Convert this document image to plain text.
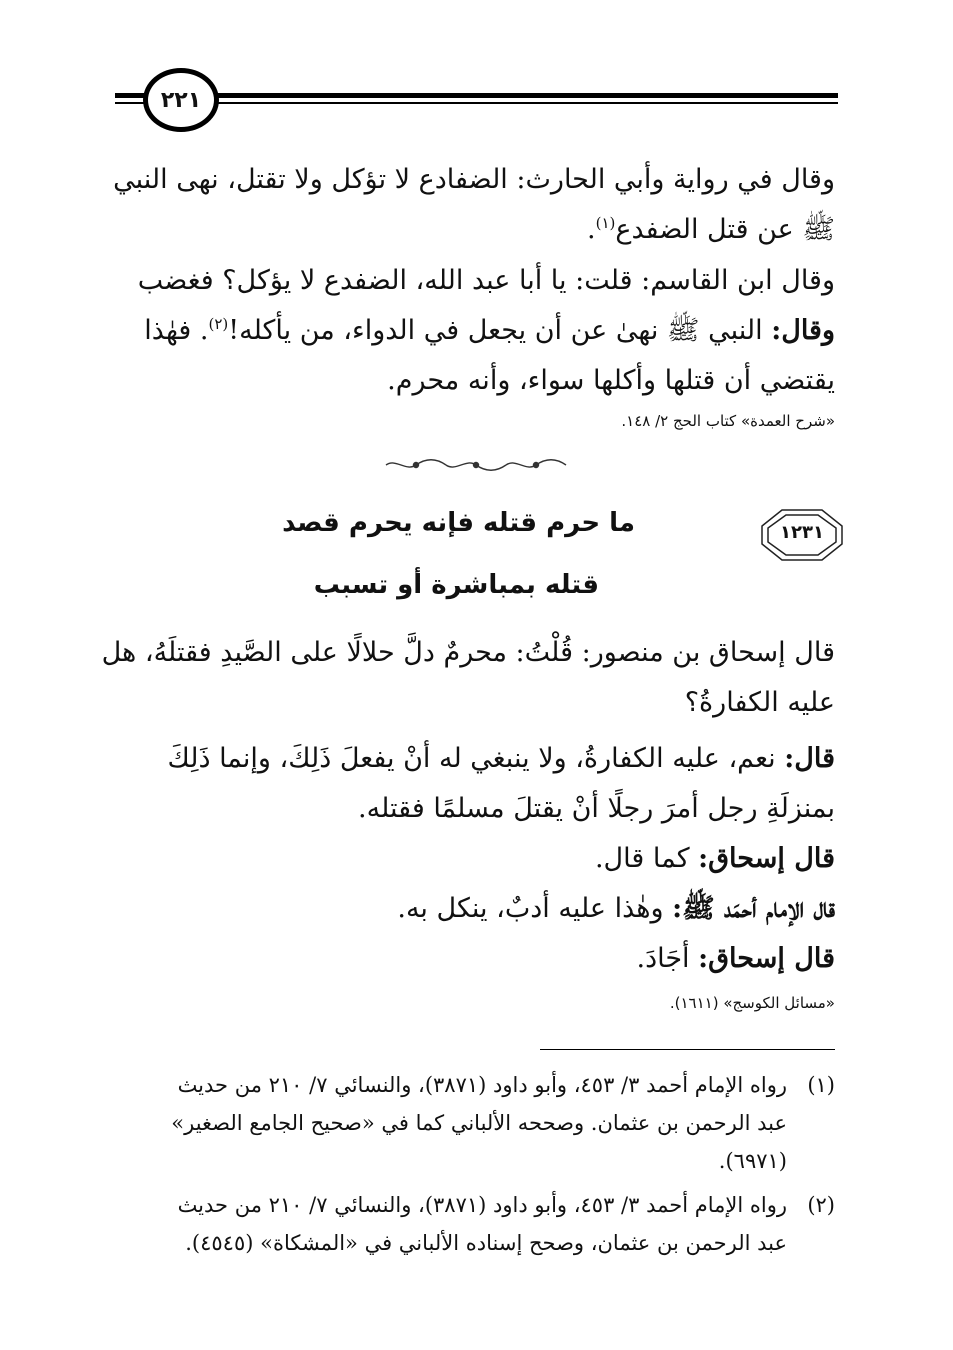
٢٢١
وقال في رواية وأبي الحارث: الضفادع لا تؤكل ولا تقتل، نهى النبي
ﷺ عن قتل الضفدع$^{(١)}$.
وقال ابن القاسم: قلت: يا أبا عبد الله، الضفدع لا يؤكل؟ فغضب
وقال: النبي ﷺ نهىٰ عن أن يجعل في الدواء، من يأكله!$^{(٢)}$. فهٰذا
يقتضي أن قتلها وأكلها سواء، وأنه محرم.
«شرح العمدة» كتاب الحج ٢/ ١٤٨.
١٢٣١
ما حرم قتله فإنه يحرم قصد
قتله بمباشرة أو تسبب
قال إسحاق بن منصور: قُلْتُ: محرمٌ دلَّ حلالًا على الصَّيدِ فقتلَهُ، هل
عليه الكفارةُ؟
قال: نعم، عليه الكفارةُ، ولا ينبغي له أنْ يفعلَ ذَلِكَ، وإنما ذَلِكَ
بمنزلَةِ رجل أمرَ رجلًا أنْ يقتلَ مسلمًا فقتله.
قال إسحاق: كما قال.
قال الإمام أحمَد ﷺ: وهٰذا عليه أدبٌ، ينكل به.
قال إسحاق: أجَادَ.
«مسائل الكوسج» (١٦١١).
(١)
رواه الإمام أحمد ٣/ ٤٥٣، وأبو داود (٣٨٧١)، والنسائي ٧/ ٢١٠ من حديث
عبد الرحمن بن عثمان. وصححه الألباني كما في «صحيح الجامع الصغير»
(٦٩٧١).
(٢)
رواه الإمام أحمد ٣/ ٤٥٣، وأبو داود (٣٨٧١)، والنسائي ٧/ ٢١٠ من حديث
عبد الرحمن بن عثمان، وصحح إسناده الألباني في «المشكاة» (٤٥٤٥).
